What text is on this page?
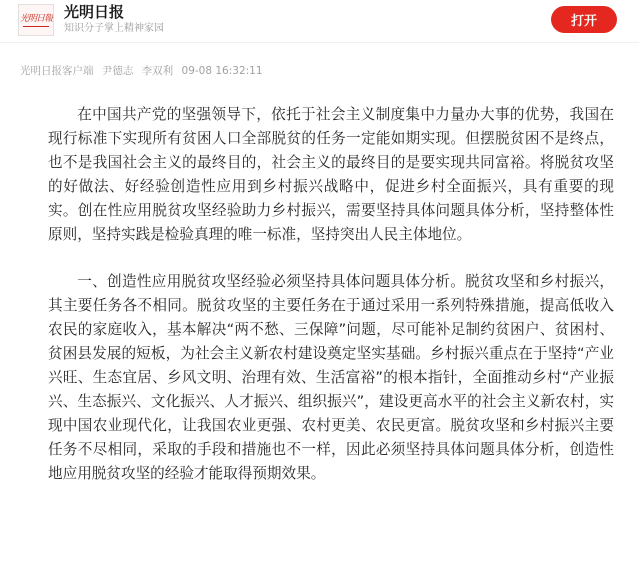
光明日報 光明日报
知识分子掌上精神家园	打开
光明日报客户端 尹德志 李双利 09-08 16:32:11

在中国共产党的坚强领导下，依托于社会主义制度集中力量办大事的优势，我国在现行标准下实现所有贫困人口全部脱贫的任务一定能如期实现。但摆脱贫困不是终点，也不是我国社会主义的最终目的，社会主义的最终目的是要实现共同富裕。将脱贫攻坚的好做法、好经验创造性应用到乡村振兴战略中，促进乡村全面振兴，具有重要的现实。创在性应用脱贫攻坚经验助力乡村振兴，需要坚持具体问题具体分析，坚持整体性原则，坚持实践是检验真理的唯一标准，坚持突出人民主体地位。

一、创造性应用脱贫攻坚经验必须坚持具体问题具体分析。脱贫攻坚和乡村振兴，其主要任务各不相同。脱贫攻坚的主要任务在于通过采用一系列特殊措施，提高低收入农民的家庭收入，基本解决“两不愁、三保障”问题，尽可能补足制约贫困户、贫困村、贫困县发展的短板，为社会主义新农村建设奠定坚实基础。乡村振兴重点在于坚持“产业兴旺、生态宜居、乡风文明、治理有效、生活富裕”的根本指针，全面推动乡村“产业振兴、生态振兴、文化振兴、人才振兴、组织振兴”，建设更高水平的社会主义新农村，实现中国农业现代化，让我国农业更强、农村更美、农民更富。脱贫攻坚和乡村振兴主要任务不尽相同，采取的手段和措施也不一样，因此必须坚持具体问题具体分析，创造性地应用脱贫攻坚的经验才能取得预期效果。
